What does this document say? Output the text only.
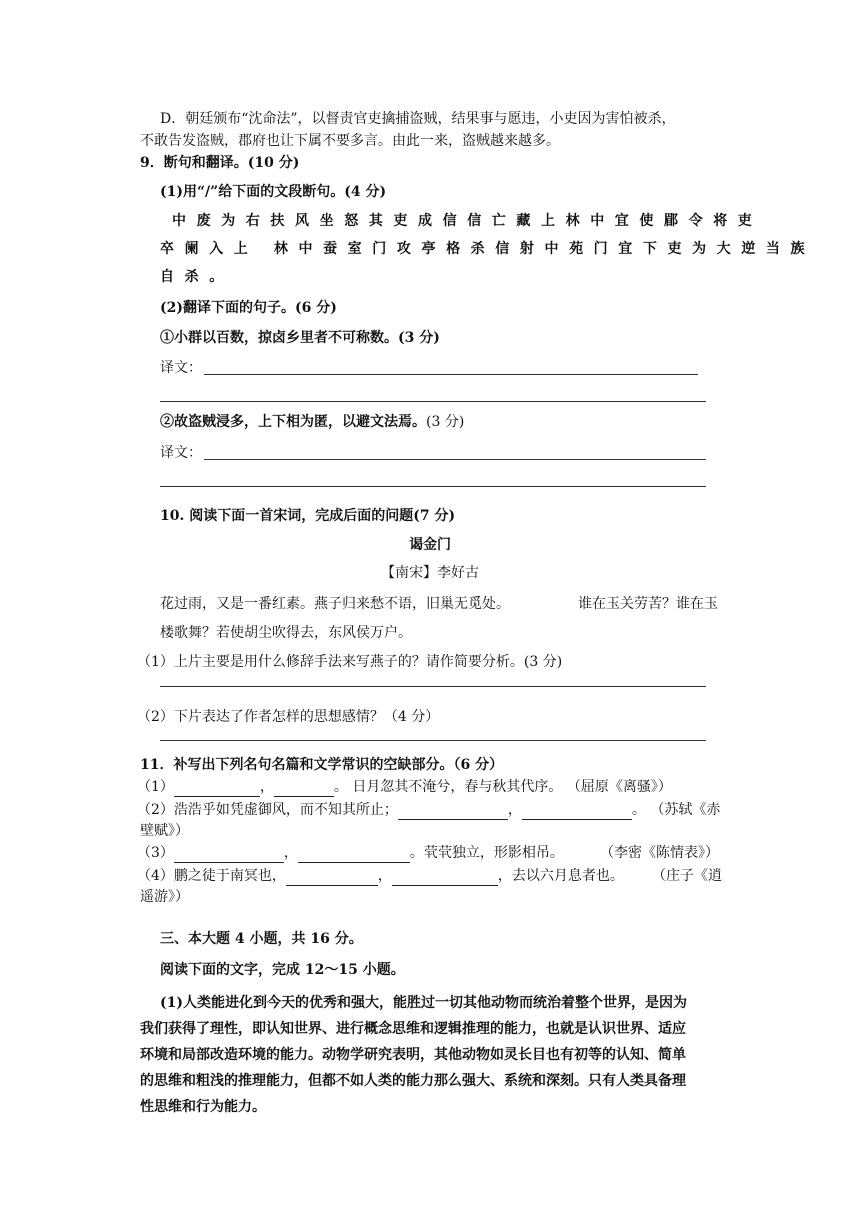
D．朝廷颁布“沈命法”，以督责官吏擒捕盗贼，结果事与愿违，小吏因为害怕被杀，
不敢告发盗贼，郡府也让下属不要多言。由此一来，盗贼越来越多。
9．断句和翻译。(10 分)
(1)用“/”给下面的文段断句。(4 分)
中废为右扶风坐怒其吏成信信亡藏上林中宜使郿令将吏
卒阑入上 林中蚕室门攻亭格杀信射中苑门宜下吏为大逆当族
自杀。
(2)翻译下面的句子。(6 分)
①小群以百数，掠卤乡里者不可称数。(3 分)
译文：
②故盗贼浸多，上下相为匿，以避文法焉。(3 分)
译文：
10. 阅读下面一首宋词，完成后面的问题(7 分)
谒金门
【南宋】李好古
花过雨，又是一番红素。燕子归来愁不语，旧巢无觅处。	谁在玉关劳苦？谁在玉
楼歌舞？若使胡尘吹得去，东风侯万户。
（1）上片主要是用什么修辞手法来写燕子的？请作简要分析。(3 分)
（2）下片表达了作者怎样的思想感情？（4 分）
11．补写出下列名句名篇和文学常识的空缺部分。（6 分）
（1）	，	。 日月忽其不淹兮，春与秋其代序。 （屈原《离骚》）
（2）浩浩乎如凭虚御风，而不知其所止；	，	。 （苏轼《赤
壁赋》）
（3）	，	。茕茕独立，形影相吊。	（李密《陈情表》）
（4）鹏之徒于南冥也，	，	，去以六月息者也。 （庄子《逍
遥游》）
三、本大题 4 小题，共 16 分。
阅读下面的文字，完成 12～15 小题。
(1)人类能进化到今天的优秀和强大，能胜过一切其他动物而统治着整个世界，是因为
我们获得了理性，即认知世界、进行概念思维和逻辑推理的能力，也就是认识世界、适应
环境和局部改造环境的能力。动物学研究表明，其他动物如灵长目也有初等的认知、简单
的思维和粗浅的推理能力，但都不如人类的能力那么强大、系统和深刻。只有人类具备理
性思维和行为能力。
